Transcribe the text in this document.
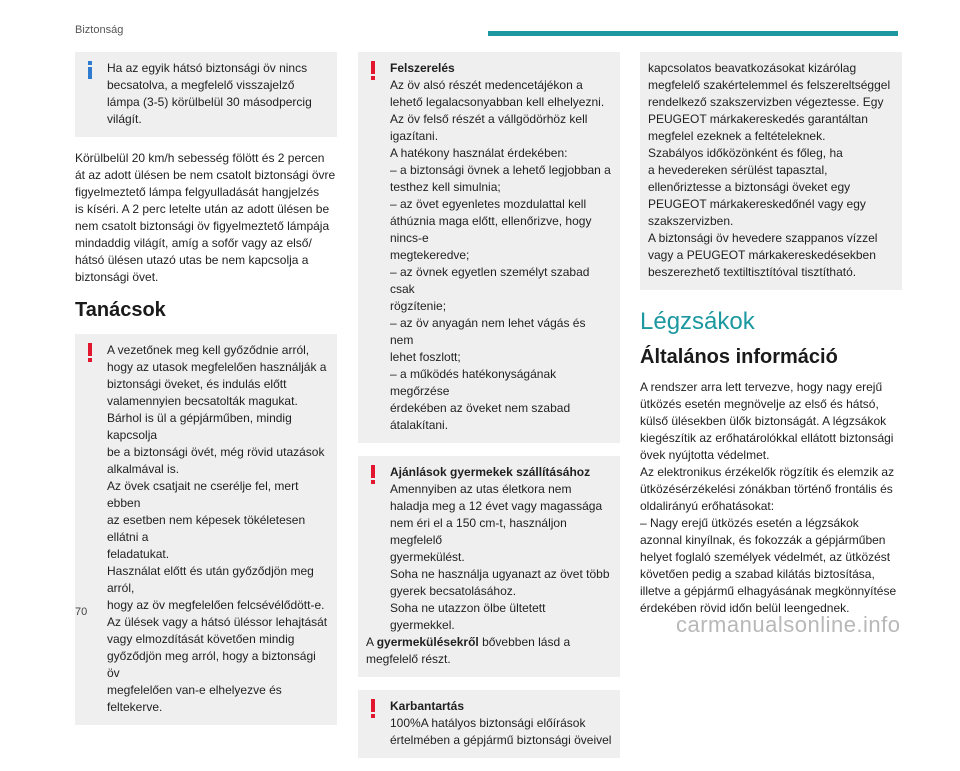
Biztonság

Ha az egyik hátsó biztonsági öv nincs
becsatolva, a megfelelő visszajelző
lámpa (3-5) körülbelül 30 másodpercig világít.

Körülbelül 20 km/h sebesség fölött és 2 percen
át az adott ülésen be nem csatolt biztonsági övre
figyelmeztető lámpa felgyulladását hangjelzés
is kíséri. A 2 perc letelte után az adott ülésen be
nem csatolt biztonsági öv figyelmeztető lámpája
mindaddig világít, amíg a sofőr vagy az első/
hátsó ülésen utazó utas be nem kapcsolja a
biztonsági övet.
Tanácsok

A vezetőnek meg kell győződnie arról,
hogy az utasok megfelelően használják a
biztonsági öveket, és indulás előtt
valamennyien becsatolták magukat.
Bárhol is ül a gépjárműben, mindig kapcsolja
be a biztonsági övét, még rövid utazások
alkalmával is.
Az övek csatjait ne cserélje fel, mert ebben
az esetben nem képesek tökéletesen ellátni a
feladatukat.
Használat előtt és után győződjön meg arról,
hogy az öv megfelelően felcsévélődött-e.
Az ülések vagy a hátsó üléssor lehajtását
vagy elmozdítását követően mindig
győződjön meg arról, hogy a biztonsági öv
megfelelően van-e elhelyezve és feltekerve.

Felszerelés

Az öv alsó részét medencetájékon a
lehető legalacsonyabban kell elhelyezni.
Az öv felső részét a vállgödörhöz kell
igazítani.
A hatékony használat érdekében:
– a biztonsági övnek a lehető legjobban a
testhez kell simulnia;
– az övet egyenletes mozdulattal kell
áthúznia maga előtt, ellenőrizve, hogy nincs-e
megtekeredve;
– az övnek egyetlen személyt szabad csak
rögzítenie;
– az öv anyagán nem lehet vágás és nem
lehet foszlott;
– a működés hatékonyságának megőrzése
érdekében az öveket nem szabad átalakítani.

Ajánlások gyermekek szállításához

Amennyiben az utas életkora nem
haladja meg a 12 évet vagy magassága
nem éri el a 150 cm-t, használjon megfelelő
gyermekülést.
Soha ne használja ugyanazt az övet több
gyerek becsatolásához.
Soha ne utazzon ölbe ültetett gyermekkel.

A gyermekülésekről bővebben lásd a
megfelelő részt.

Karbantartás

100%A hatályos biztonsági előírások
értelmében a gépjármű biztonsági öveivel

kapcsolatos beavatkozásokat kizárólag
megfelelő szakértelemmel és felszereltséggel
rendelkező szakszervizben végeztesse. Egy
PEUGEOT márkakereskedés garantáltan
megfelel ezeknek a feltételeknek.
Szabályos időközönként és főleg, ha
a hevedereken sérülést tapasztal,
ellenőriztesse a biztonsági öveket egy
PEUGEOT márkakereskedőnél vagy egy
szakszervizben.
A biztonsági öv hevedere szappanos vízzel
vagy a PEUGEOT márkakereskedésekben
beszerezhető textiltisztítóval tisztítható.

Légzsákok
Általános információ
A rendszer arra lett tervezve, hogy nagy erejű
ütközés esetén megnövelje az első és hátsó,
külső ülésekben ülők biztonságát. A légzsákok
kiegészítik az erőhatárolókkal ellátott biztonsági
övek nyújtotta védelmet.
Az elektronikus érzékelők rögzítik és elemzik az
ütközésérzékelési zónákban történő frontális és
oldalirányú erőhatásokat:
– Nagy erejű ütközés esetén a légzsákok
azonnal kinyílnak, és fokozzák a gépjárműben
helyet foglaló személyek védelmét, az ütközést
követően pedig a szabad kilátás biztosítása,
illetve a gépjármű elhagyásának megkönnyítése
érdekében rövid időn belül leengednek.
70	carmanualsonline.info
